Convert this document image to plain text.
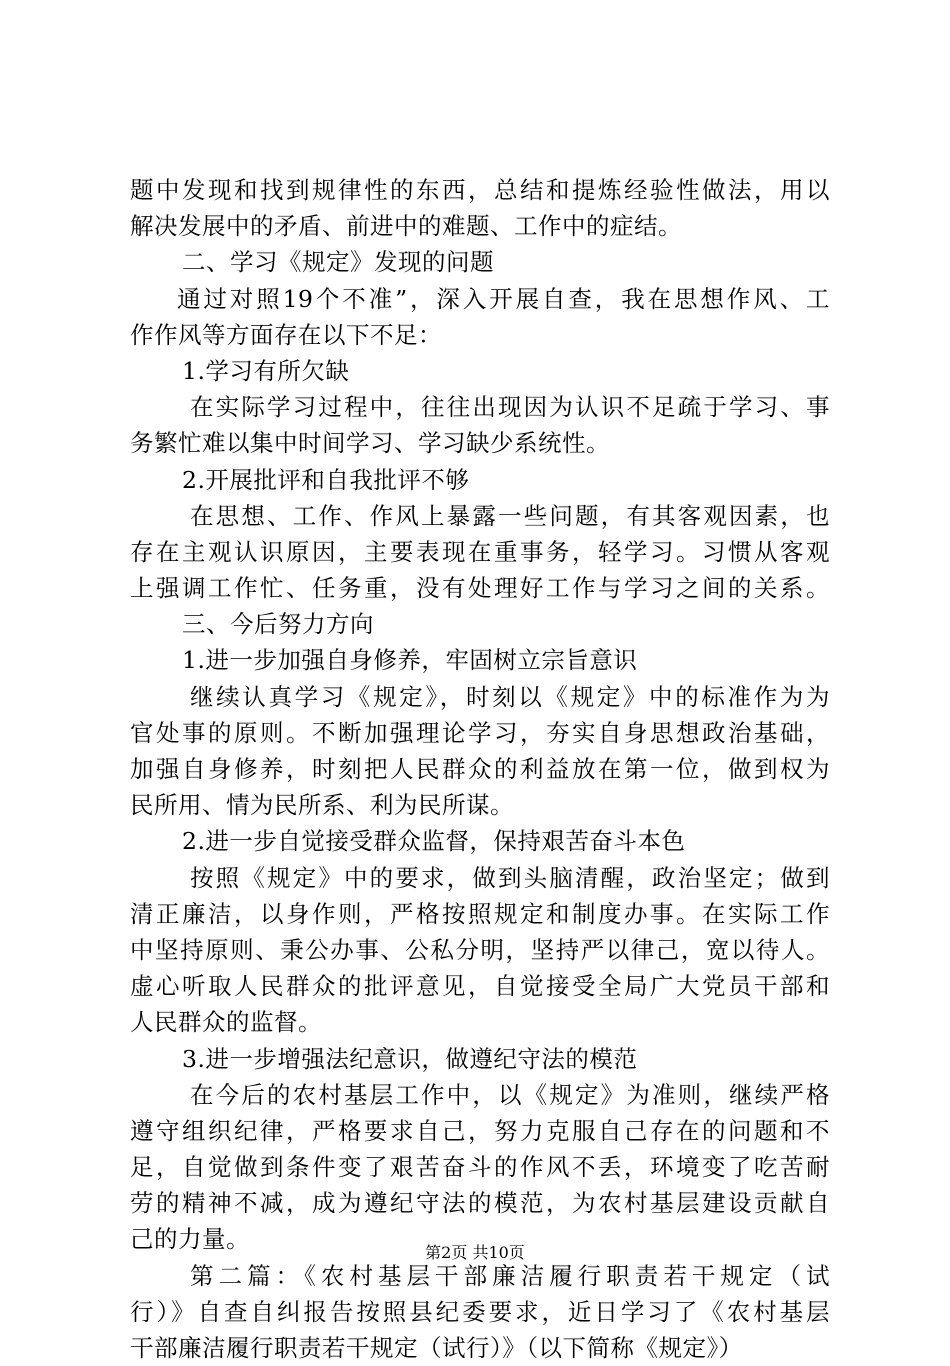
题中发现和找到规律性的东西，总结和提炼经验性做法，用以
解决发展中的矛盾、前进中的难题、工作中的症结。
二、学习《规定》发现的问题
通过对照19个不准”，深入开展自查，我在思想作风、工
作作风等方面存在以下不足：
1.学习有所欠缺
在实际学习过程中，往往出现因为认识不足疏于学习、事
务繁忙难以集中时间学习、学习缺少系统性。
2.开展批评和自我批评不够
在思想、工作、作风上暴露一些问题，有其客观因素，也
存在主观认识原因，主要表现在重事务，轻学习。习惯从客观
上强调工作忙、任务重，没有处理好工作与学习之间的关系。
三、今后努力方向
1.进一步加强自身修养，牢固树立宗旨意识
继续认真学习《规定》，时刻以《规定》中的标准作为为
官处事的原则。不断加强理论学习，夯实自身思想政治基础，
加强自身修养，时刻把人民群众的利益放在第一位，做到权为
民所用、情为民所系、利为民所谋。
2.进一步自觉接受群众监督，保持艰苦奋斗本色
按照《规定》中的要求，做到头脑清醒，政治坚定；做到
清正廉洁，以身作则，严格按照规定和制度办事。在实际工作
中坚持原则、秉公办事、公私分明，坚持严以律己，宽以待人。
虚心听取人民群众的批评意见，自觉接受全局广大党员干部和
人民群众的监督。
3.进一步增强法纪意识，做遵纪守法的模范
在今后的农村基层工作中，以《规定》为准则，继续严格
遵守组织纪律，严格要求自己，努力克服自己存在的问题和不
足，自觉做到条件变了艰苦奋斗的作风不丢，环境变了吃苦耐
劳的精神不减，成为遵纪守法的模范，为农村基层建设贡献自
己的力量。
第二篇：《农村基层干部廉洁履行职责若干规定（试
行）》自查自纠报告按照县纪委要求，近日学习了《农村基层
干部廉洁履行职责若干规定（试行）》（以下简称《规定》）
第2页 共10页
